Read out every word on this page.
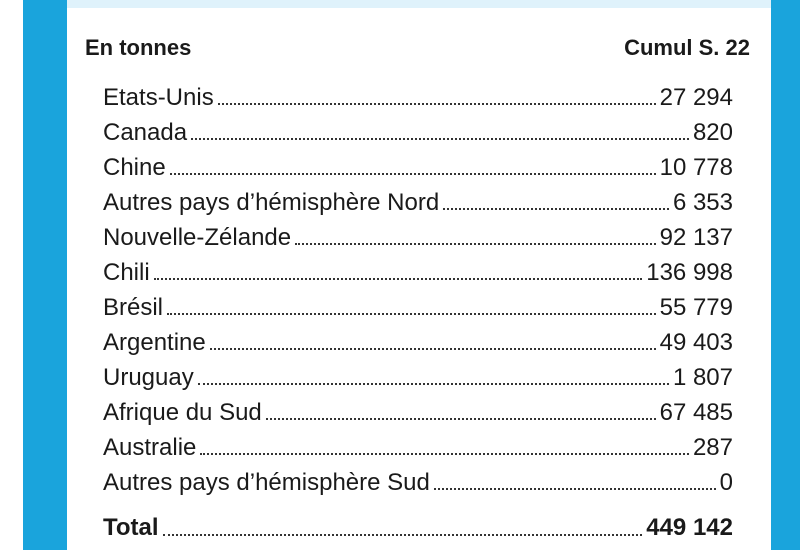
En tonnes	Cumul S. 22
Etats-Unis	27 294
Canada	820
Chine	10 778
Autres pays d’hémisphère Nord	6 353
Nouvelle-Zélande	92 137
Chili	136 998
Brésil	55 779
Argentine	49 403
Uruguay	1 807
Afrique du Sud	67 485
Australie	287
Autres pays d’hémisphère Sud	0
Total	449 142
